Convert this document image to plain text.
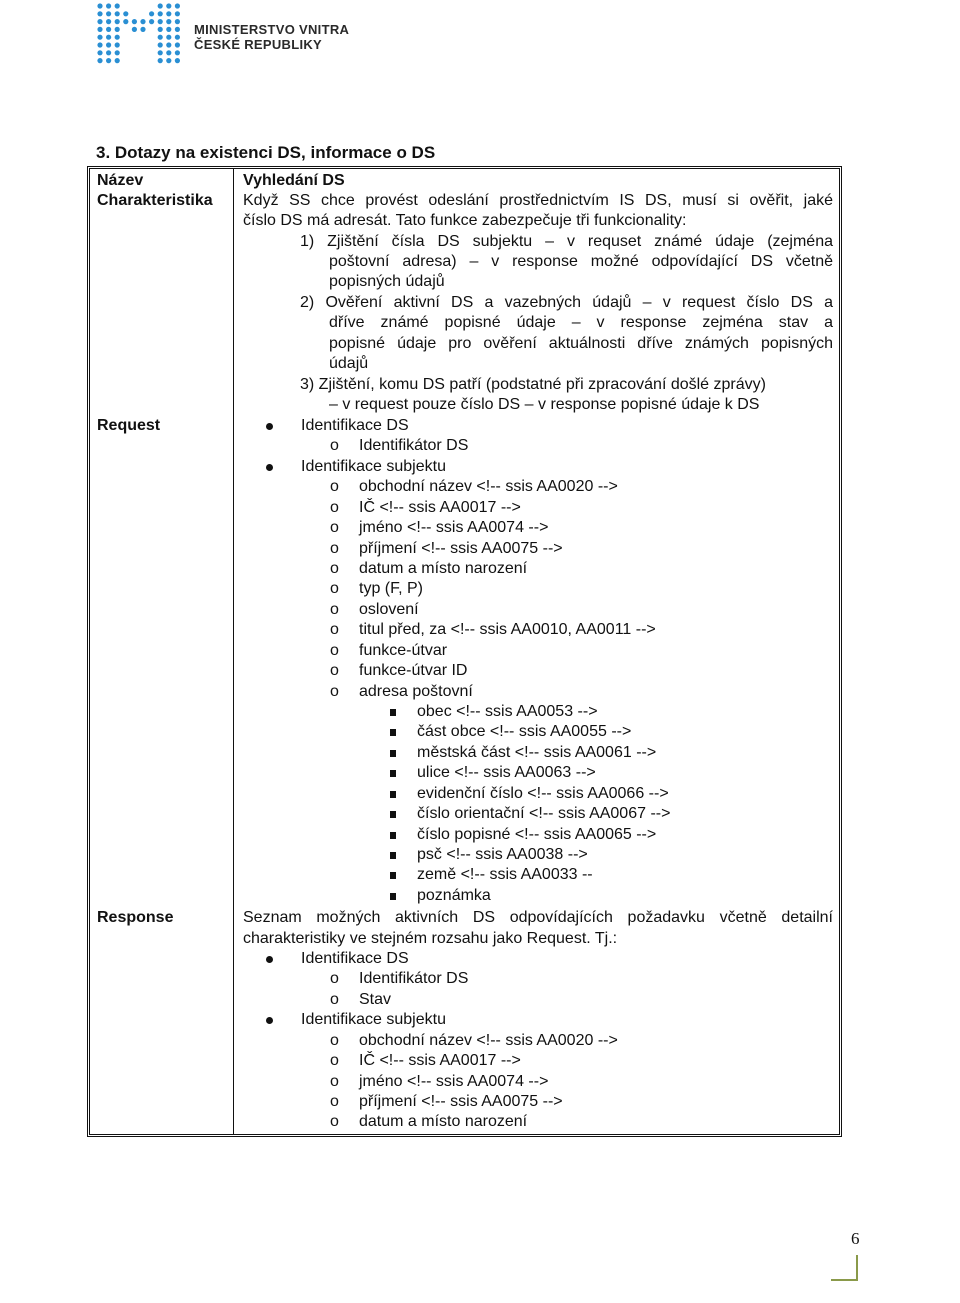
MINISTERSTVO VNITRA
ČESKÉ REPUBLIKY
3. Dotazy na existenci DS, informace o DS
Název
Charakteristika
Request
Response
Vyhledání DS
Když SS chce provést odeslání prostřednictvím IS DS, musí si ověřit, jaké
číslo DS má adresát. Tato funkce zabezpečuje tři funkcionality:
1) Zjištění čísla DS subjektu – v requset známé údaje (zejména
poštovní adresa) – v response možné odpovídající DS včetně
popisných údajů
2) Ověření aktivní DS a vazebných údajů – v request číslo DS a
dříve známé popisné údaje – v response zejména stav a
popisné údaje pro ověření aktuálnosti dříve známých popisných
údajů
3) Zjištění, komu DS patří (podstatné při zpracování došlé zprávy)
– v request pouze číslo DS – v response popisné údaje k DS
Identifikace DS
o Identifikátor DS
Identifikace subjektu
o obchodní název <!-- ssis AA0020 -->
o IČ <!-- ssis AA0017 -->
o jméno <!-- ssis AA0074 -->
o příjmení <!-- ssis AA0075 -->
o datum a místo narození
o typ (F, P)
o oslovení
o titul před, za <!-- ssis AA0010, AA0011 -->
o funkce-útvar
o funkce-útvar ID
o adresa poštovní
obec <!-- ssis AA0053 -->
část obce <!-- ssis AA0055 -->
městská část <!-- ssis AA0061 -->
ulice <!-- ssis AA0063 -->
evidenční číslo <!-- ssis AA0066 -->
číslo orientační <!-- ssis AA0067 -->
číslo popisné <!-- ssis AA0065 -->
psč <!-- ssis AA0038 -->
země <!-- ssis AA0033 --
poznámka
Seznam možných aktivních DS odpovídajících požadavku včetně detailní
charakteristiky ve stejném rozsahu jako Request. Tj.:
Identifikace DS
o Identifikátor DS
o Stav
Identifikace subjektu
o obchodní název <!-- ssis AA0020 -->
o IČ <!-- ssis AA0017 -->
o jméno <!-- ssis AA0074 -->
o příjmení <!-- ssis AA0075 -->
o datum a místo narození
6
